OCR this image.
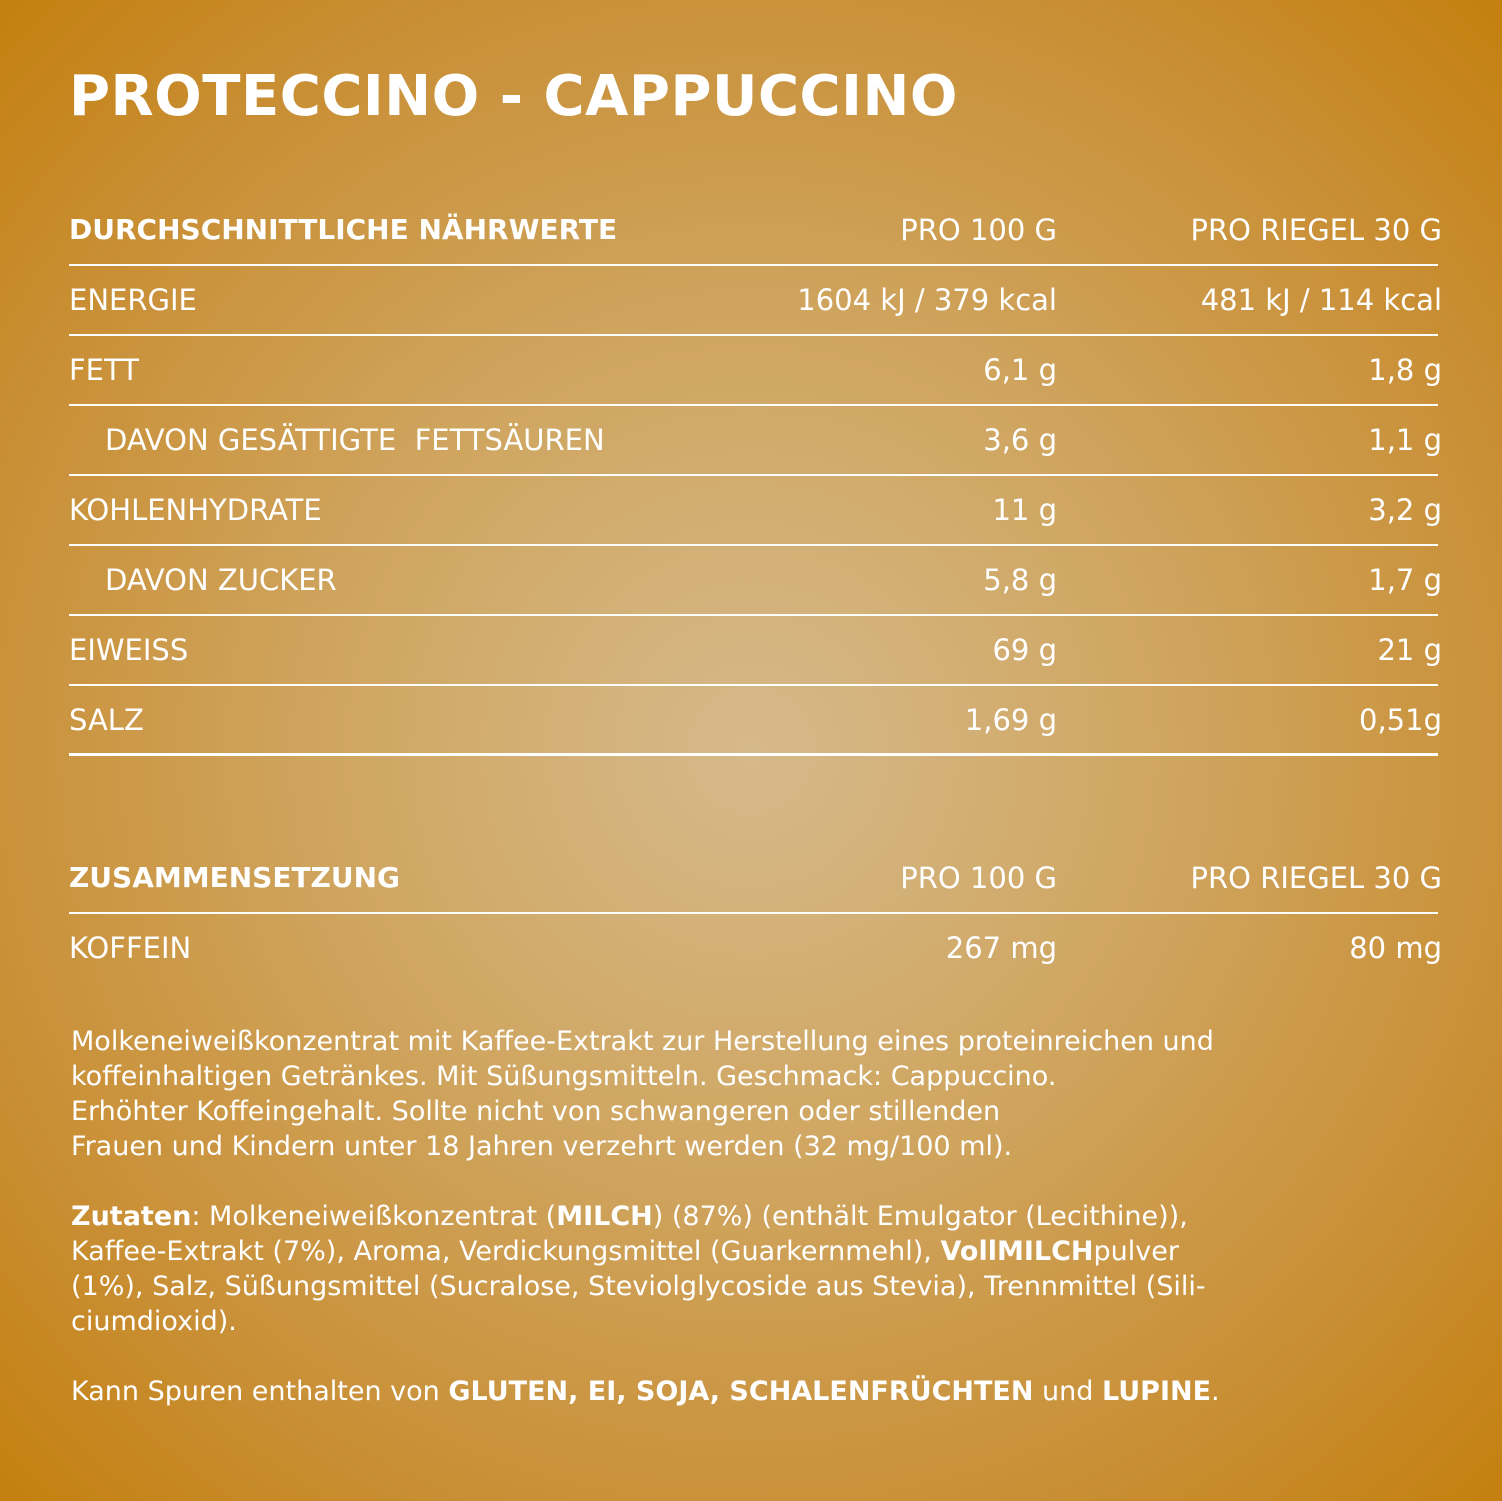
PROTECCINO - CAPPUCCINO
DURCHSCHNITTLICHE NÄHRWERTE	PRO 100 G	PRO RIEGEL 30 G
ENERGIE	1604 kJ / 379 kcal	481 kJ / 114 kcal
FETT	6,1 g	1,8 g
DAVON GESÄTTIGTE  FETTSÄUREN	3,6 g	1,1 g
KOHLENHYDRATE	11 g	3,2 g
DAVON ZUCKER	5,8 g	1,7 g
EIWEISS	69 g	21 g
SALZ	1,69 g	0,51g
ZUSAMMENSETZUNG	PRO 100 G	PRO RIEGEL 30 G
KOFFEIN	267 mg	80 mg
Molkeneiweißkonzentrat mit Kaffee-Extrakt zur Herstellung eines proteinreichen und
koffeinhaltigen Getränkes. Mit Süßungsmitteln. Geschmack: Cappuccino.
Erhöhter Koffeingehalt. Sollte nicht von schwangeren oder stillenden
Frauen und Kindern unter 18 Jahren verzehrt werden (32 mg/100 ml).
Zutaten: Molkeneiweißkonzentrat (MILCH) (87%) (enthält Emulgator (Lecithine)),
Kaffee-Extrakt (7%), Aroma, Verdickungsmittel (Guarkernmehl), VollMILCHpulver
(1%), Salz, Süßungsmittel (Sucralose, Steviolglycoside aus Stevia), Trennmittel (Sili-
ciumdioxid).
Kann Spuren enthalten von GLUTEN, EI, SOJA, SCHALENFRÜCHTEN und LUPINE.
